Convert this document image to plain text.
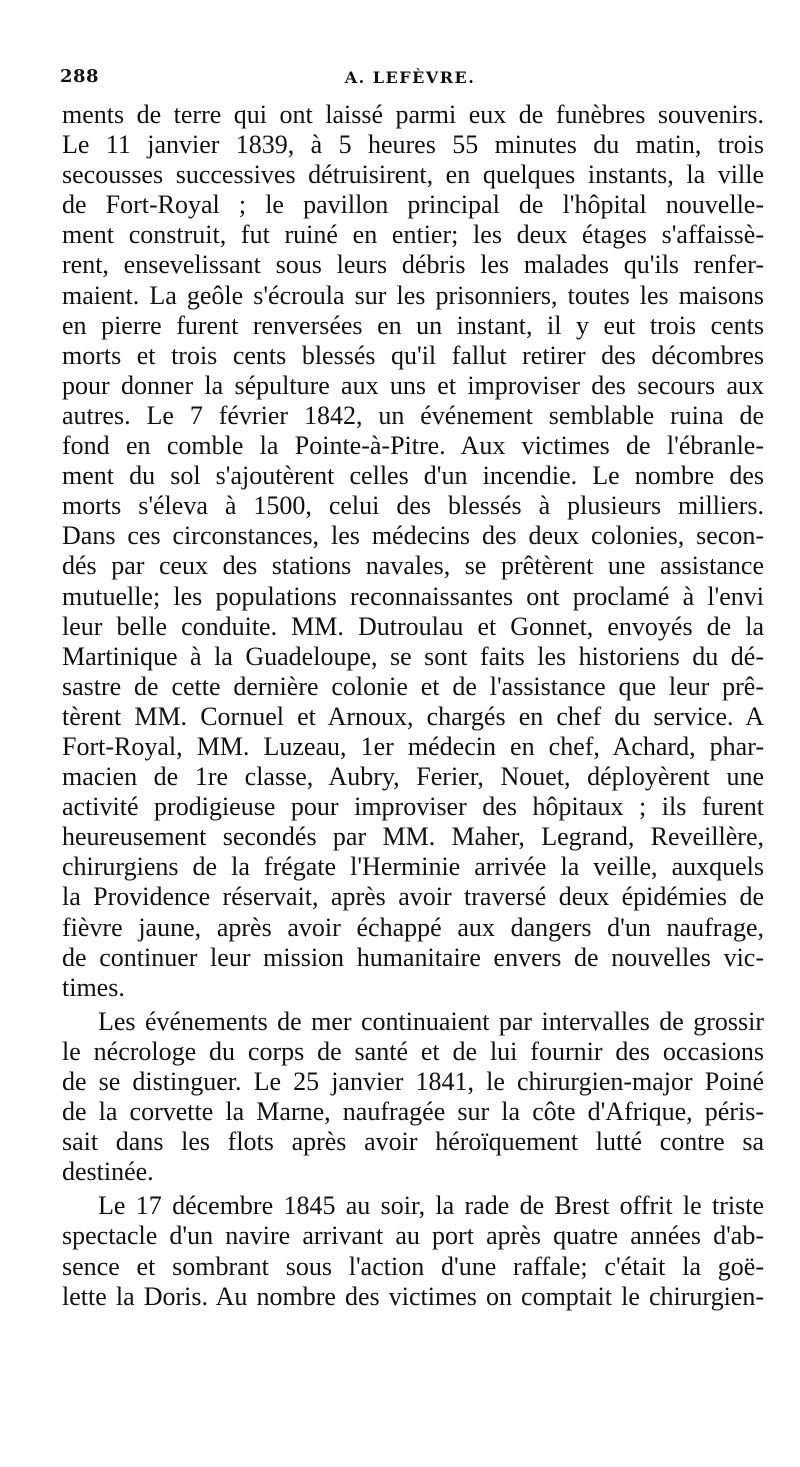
288	A. LEFÈVRE.
ments de terre qui ont laissé parmi eux de funèbres souvenirs.
Le 11 janvier 1839, à 5 heures 55 minutes du matin, trois
secousses successives détruisirent, en quelques instants, la ville
de Fort-Royal ; le pavillon principal de l'hôpital nouvelle-
ment construit, fut ruiné en entier; les deux étages s'affaissè-
rent, ensevelissant sous leurs débris les malades qu'ils renfer-
maient. La geôle s'écroula sur les prisonniers, toutes les maisons
en pierre furent renversées en un instant, il y eut trois cents
morts et trois cents blessés qu'il fallut retirer des décombres
pour donner la sépulture aux uns et improviser des secours aux
autres. Le 7 février 1842, un événement semblable ruina de
fond en comble la Pointe-à-Pitre. Aux victimes de l'ébranle-
ment du sol s'ajoutèrent celles d'un incendie. Le nombre des
morts s'éleva à 1500, celui des blessés à plusieurs milliers.
Dans ces circonstances, les médecins des deux colonies, secon-
dés par ceux des stations navales, se prêtèrent une assistance
mutuelle; les populations reconnaissantes ont proclamé à l'envi
leur belle conduite. MM. Dutroulau et Gonnet, envoyés de la
Martinique à la Guadeloupe, se sont faits les historiens du dé-
sastre de cette dernière colonie et de l'assistance que leur prê-
tèrent MM. Cornuel et Arnoux, chargés en chef du service. A
Fort-Royal, MM. Luzeau, 1er médecin en chef, Achard, phar-
macien de 1re classe, Aubry, Ferier, Nouet, déployèrent une
activité prodigieuse pour improviser des hôpitaux ; ils furent
heureusement secondés par MM. Maher, Legrand, Reveillère,
chirurgiens de la frégate l'Herminie arrivée la veille, auxquels
la Providence réservait, après avoir traversé deux épidémies de
fièvre jaune, après avoir échappé aux dangers d'un naufrage,
de continuer leur mission humanitaire envers de nouvelles vic-
times.
Les événements de mer continuaient par intervalles de grossir
le nécrologe du corps de santé et de lui fournir des occasions
de se distinguer. Le 25 janvier 1841, le chirurgien-major Poiné
de la corvette la Marne, naufragée sur la côte d'Afrique, péris-
sait dans les flots après avoir héroïquement lutté contre sa
destinée.
Le 17 décembre 1845 au soir, la rade de Brest offrit le triste
spectacle d'un navire arrivant au port après quatre années d'ab-
sence et sombrant sous l'action d'une raffale; c'était la goë-
lette la Doris. Au nombre des victimes on comptait le chirurgien-
